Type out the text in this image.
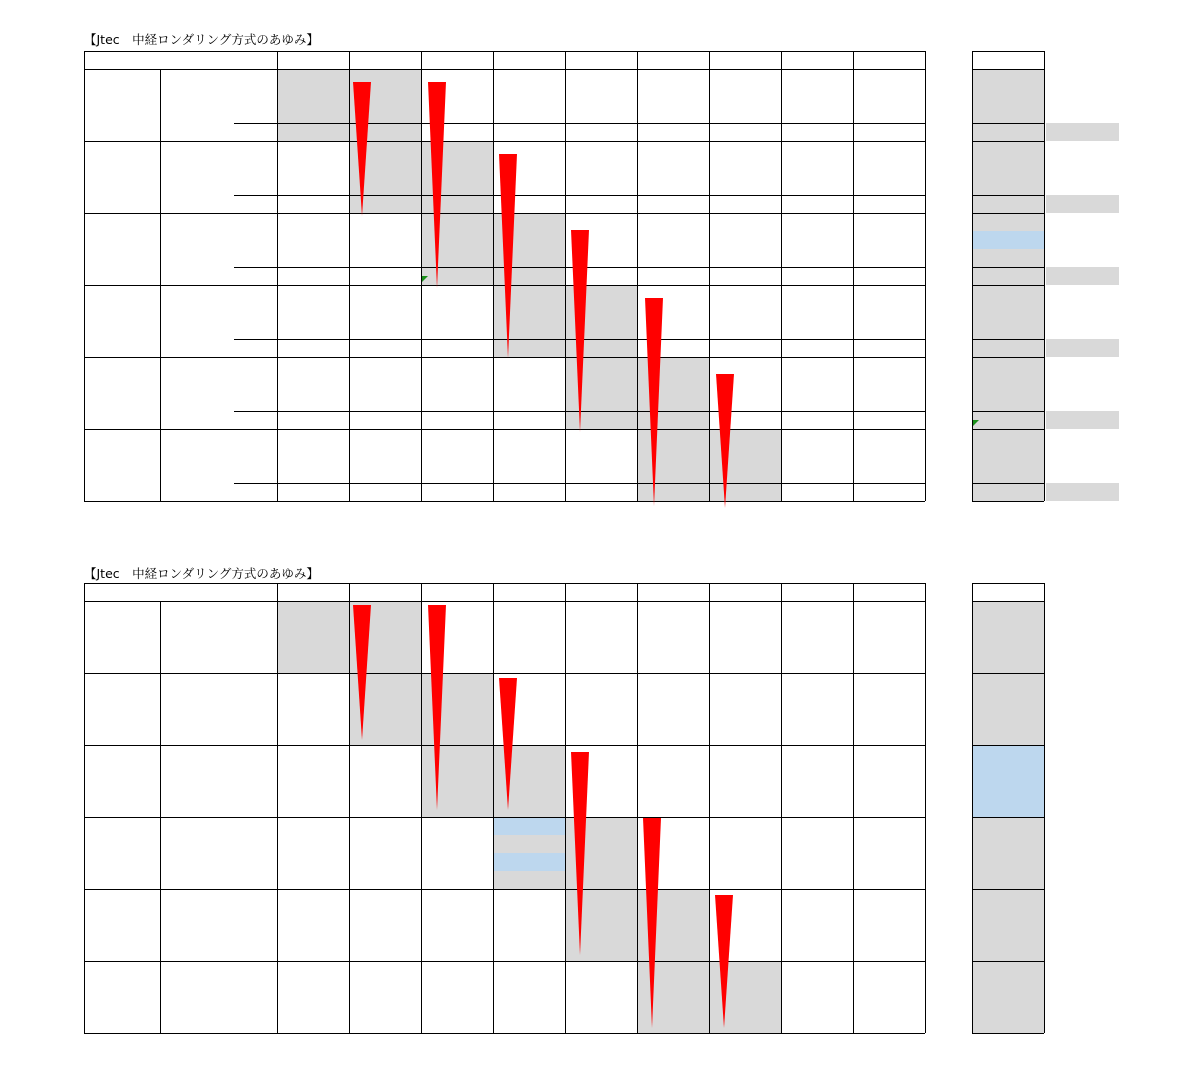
【Jtec　中経ロンダリング方式のあゆみ】
【Jtec　中経ロンダリング方式のあゆみ】
